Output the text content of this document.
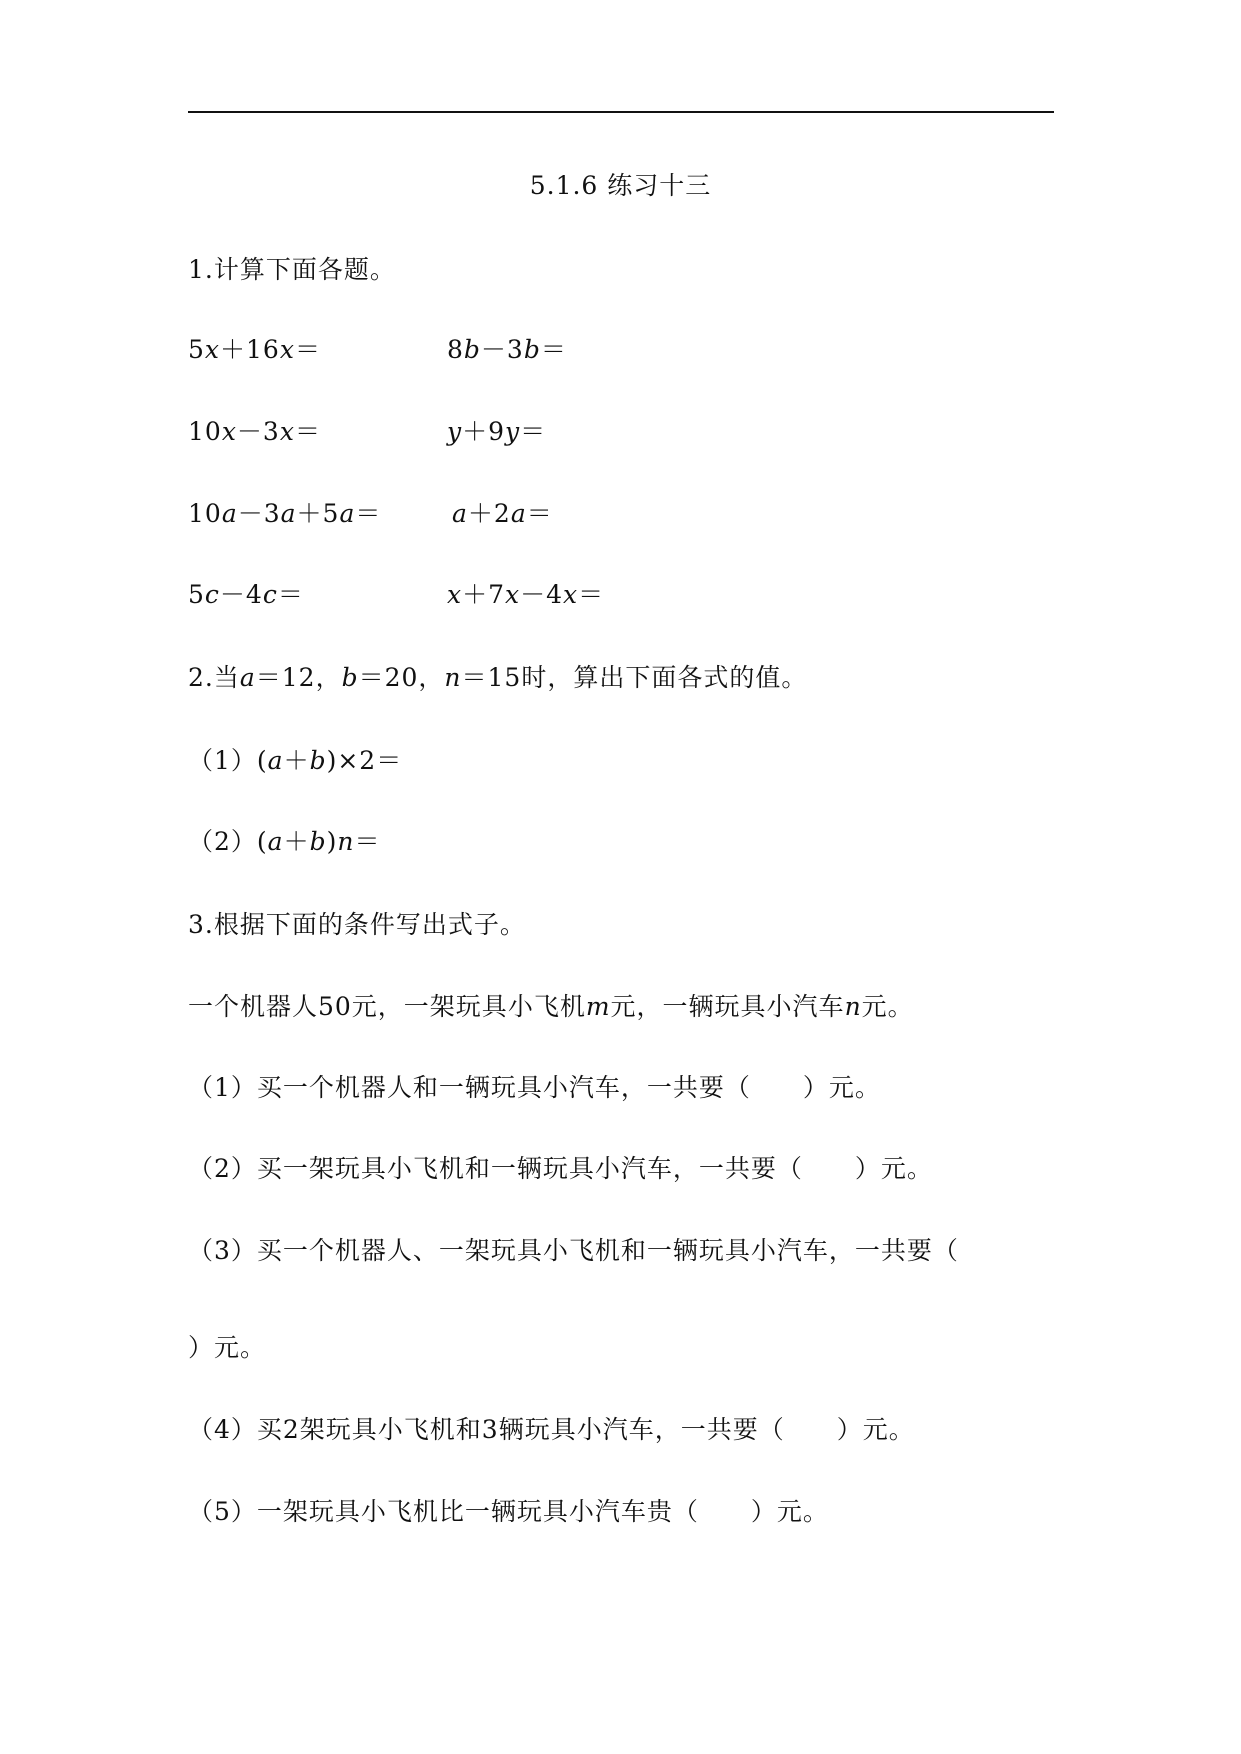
5.1.6 练习十三
1.计算下面各题。
5x＋16x＝	8b－3b＝
10x－3x＝	y＋9y＝
10a－3a＋5a＝	a＋2a＝
5c－4c＝	x＋7x－4x＝
2.当a＝12，b＝20，n＝15时，算出下面各式的值。
（1）(a＋b)×2＝
（2）(a＋b)n＝
3.根据下面的条件写出式子。
一个机器人50元，一架玩具小飞机m元，一辆玩具小汽车n元。
（1）买一个机器人和一辆玩具小汽车，一共要（　　）元。
（2）买一架玩具小飞机和一辆玩具小汽车，一共要（　　）元。
（3）买一个机器人、一架玩具小飞机和一辆玩具小汽车，一共要（
）元。
（4）买2架玩具小飞机和3辆玩具小汽车，一共要（　　）元。
（5）一架玩具小飞机比一辆玩具小汽车贵（　　）元。
